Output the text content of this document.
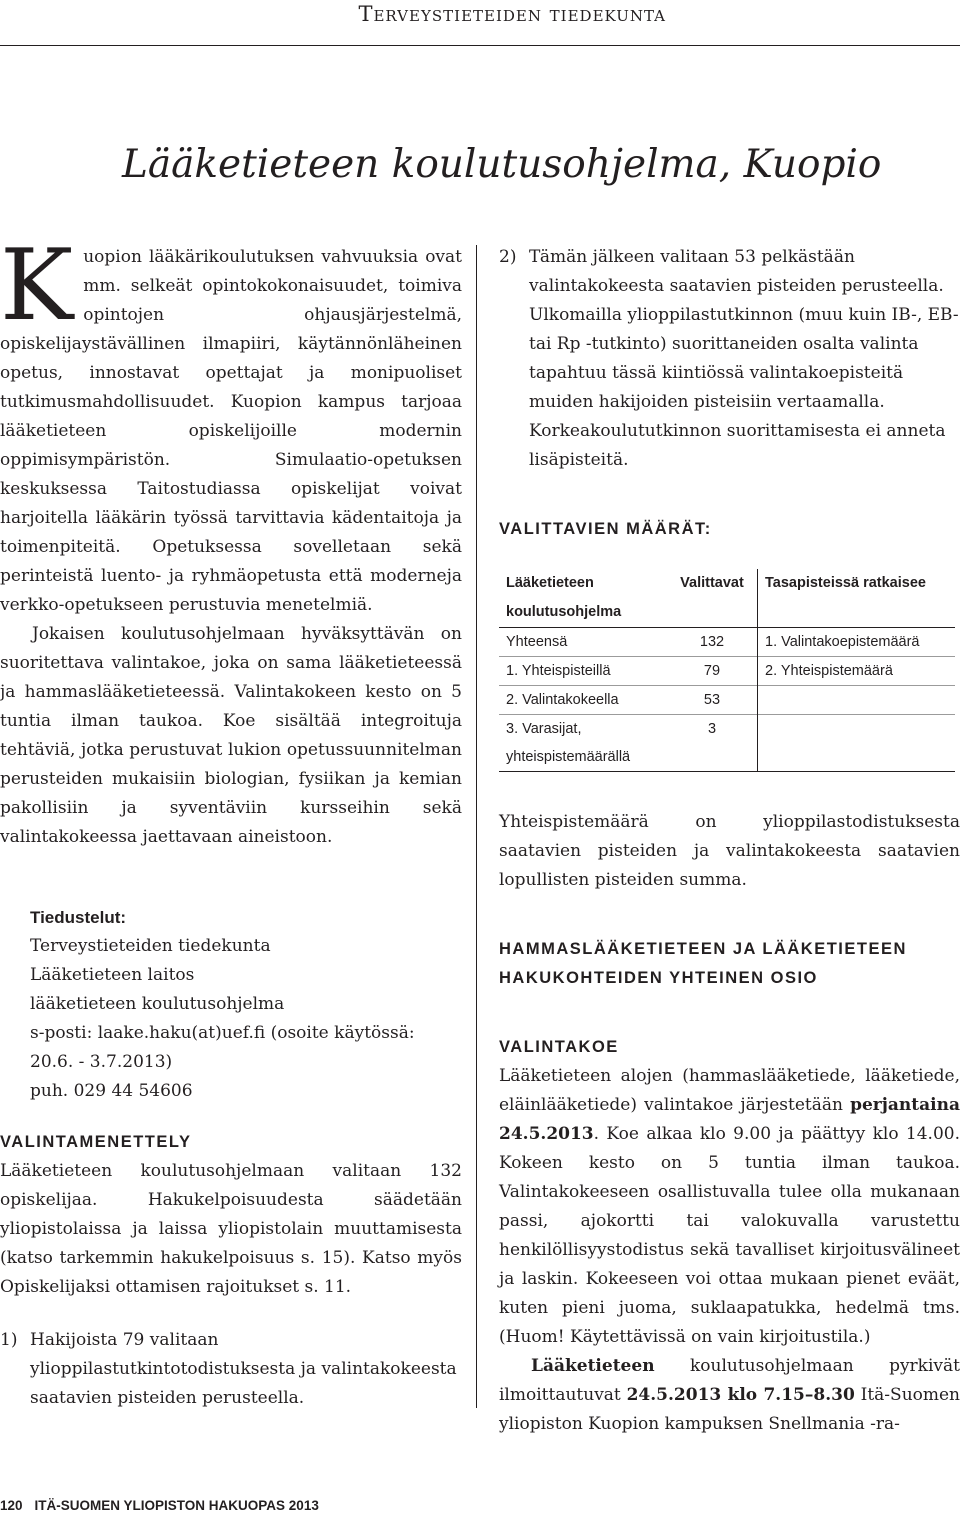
Terveystieteiden tiedekunta
Lääketieteen koulutusohjelma, Kuopio

Kuopion lääkärikoulutuksen vahvuuksia ovat mm. selkeät opintokokonaisuudet, toimiva opintojen ohjausjärjestelmä, opiskelijaystävällinen ilmapiiri, käytännönläheinen opetus, innostavat opettajat ja monipuoliset tutkimusmahdollisuudet. Kuopion kampus tarjoaa lääketieteen opiskelijoille modernin oppimisympäristön. Simulaatio-opetuksen keskuksessa Taitostudiassa opiskelijat voivat harjoitella lääkärin työssä tarvittavia kädentaitoja ja toimenpiteitä. Opetuksessa sovelletaan sekä perinteistä luento- ja ryhmäopetusta että moderneja verkko-opetukseen perustuvia menetelmiä.

Jokaisen koulutusohjelmaan hyväksyttävän on suoritettava valintakoe, joka on sama lääketieteessä ja hammaslääketieteessä. Valintakokeen kesto on 5 tuntia ilman taukoa. Koe sisältää integroituja tehtäviä, jotka perustuvat lukion opetussuunnitelman perusteiden mukaisiin biologian, fysiikan ja kemian pakollisiin ja syventäviin kursseihin sekä valintakokeessa jaettavaan aineistoon.

Tiedustelut:
Terveystieteiden tiedekunta
Lääketieteen laitos
lääketieteen koulutusohjelma
s-posti: laake.haku(at)uef.fi (osoite käytössä: 20.6. - 3.7.2013)
puh. 029 44 54606
VALINTAMENETTELY

Lääketieteen koulutusohjelmaan valitaan 132 opiskelijaa. Hakukelpoisuudesta säädetään yliopistolaissa ja laissa yliopistolain muuttamisesta (katso tarkemmin hakukelpoisuus s. 15). Katso myös Opiskelijaksi ottamisen rajoitukset s. 11.

1) Hakijoista 79 valitaan ylioppilastutkintotodistuksesta ja valintakokeesta saatavien pisteiden perusteella.
2) Tämän jälkeen valitaan 53 pelkästään valintakokeesta saatavien pisteiden perusteella. Ulkomailla ylioppilastutkinnon (muu kuin IB-, EB- tai Rp -tutkinto) suorittaneiden osalta valinta tapahtuu tässä kiintiössä valintakoepisteitä muiden hakijoiden pisteisiin vertaamalla. Korkeakoulututkinnon suorittamisesta ei anneta lisäpisteitä.
VALITTAVIEN MÄÄRÄT:
Lääketieteen koulutusohjelma	Valittavat	Tasapisteissä ratkaisee
Yhteensä	132	1. Valintakoepistemäärä
1. Yhteispisteillä	79	2. Yhteispistemäärä
2. Valintakokeella	53	
3. Varasijat, yhteispistemäärällä	3	

Yhteispistemäärä on ylioppilastodistuksesta saatavien pisteiden ja valintakokeesta saatavien lopullisten pisteiden summa.

HAMMASLÄÄKETIETEEN JA LÄÄKETIETEEN HAKUKOHTEIDEN YHTEINEN OSIO
VALINTAKOE

Lääketieteen alojen (hammaslääketiede, lääketiede, eläinlääketiede) valintakoe järjestetään perjantaina 24.5.2013. Koe alkaa klo 9.00 ja päättyy klo 14.00. Kokeen kesto on 5 tuntia ilman taukoa. Valintakokeeseen osallistuvalla tulee olla mukanaan passi, ajokortti tai valokuvalla varustettu henkilöllisyystodistus sekä tavalliset kirjoitusvälineet ja laskin. Kokeeseen voi ottaa mukaan pienet eväät, kuten pieni juoma, suklaapatukka, hedelmä tms. (Huom! Käytettävissä on vain kirjoitustila.)

Lääketieteen koulutusohjelmaan pyrkivät ilmoittautuvat 24.5.2013 klo 7.15–8.30 Itä-Suomen yliopiston Kuopion kampuksen Snellmania -ra-

120 ITÄ-SUOMEN YLIOPISTON HAKUOPAS 2013
